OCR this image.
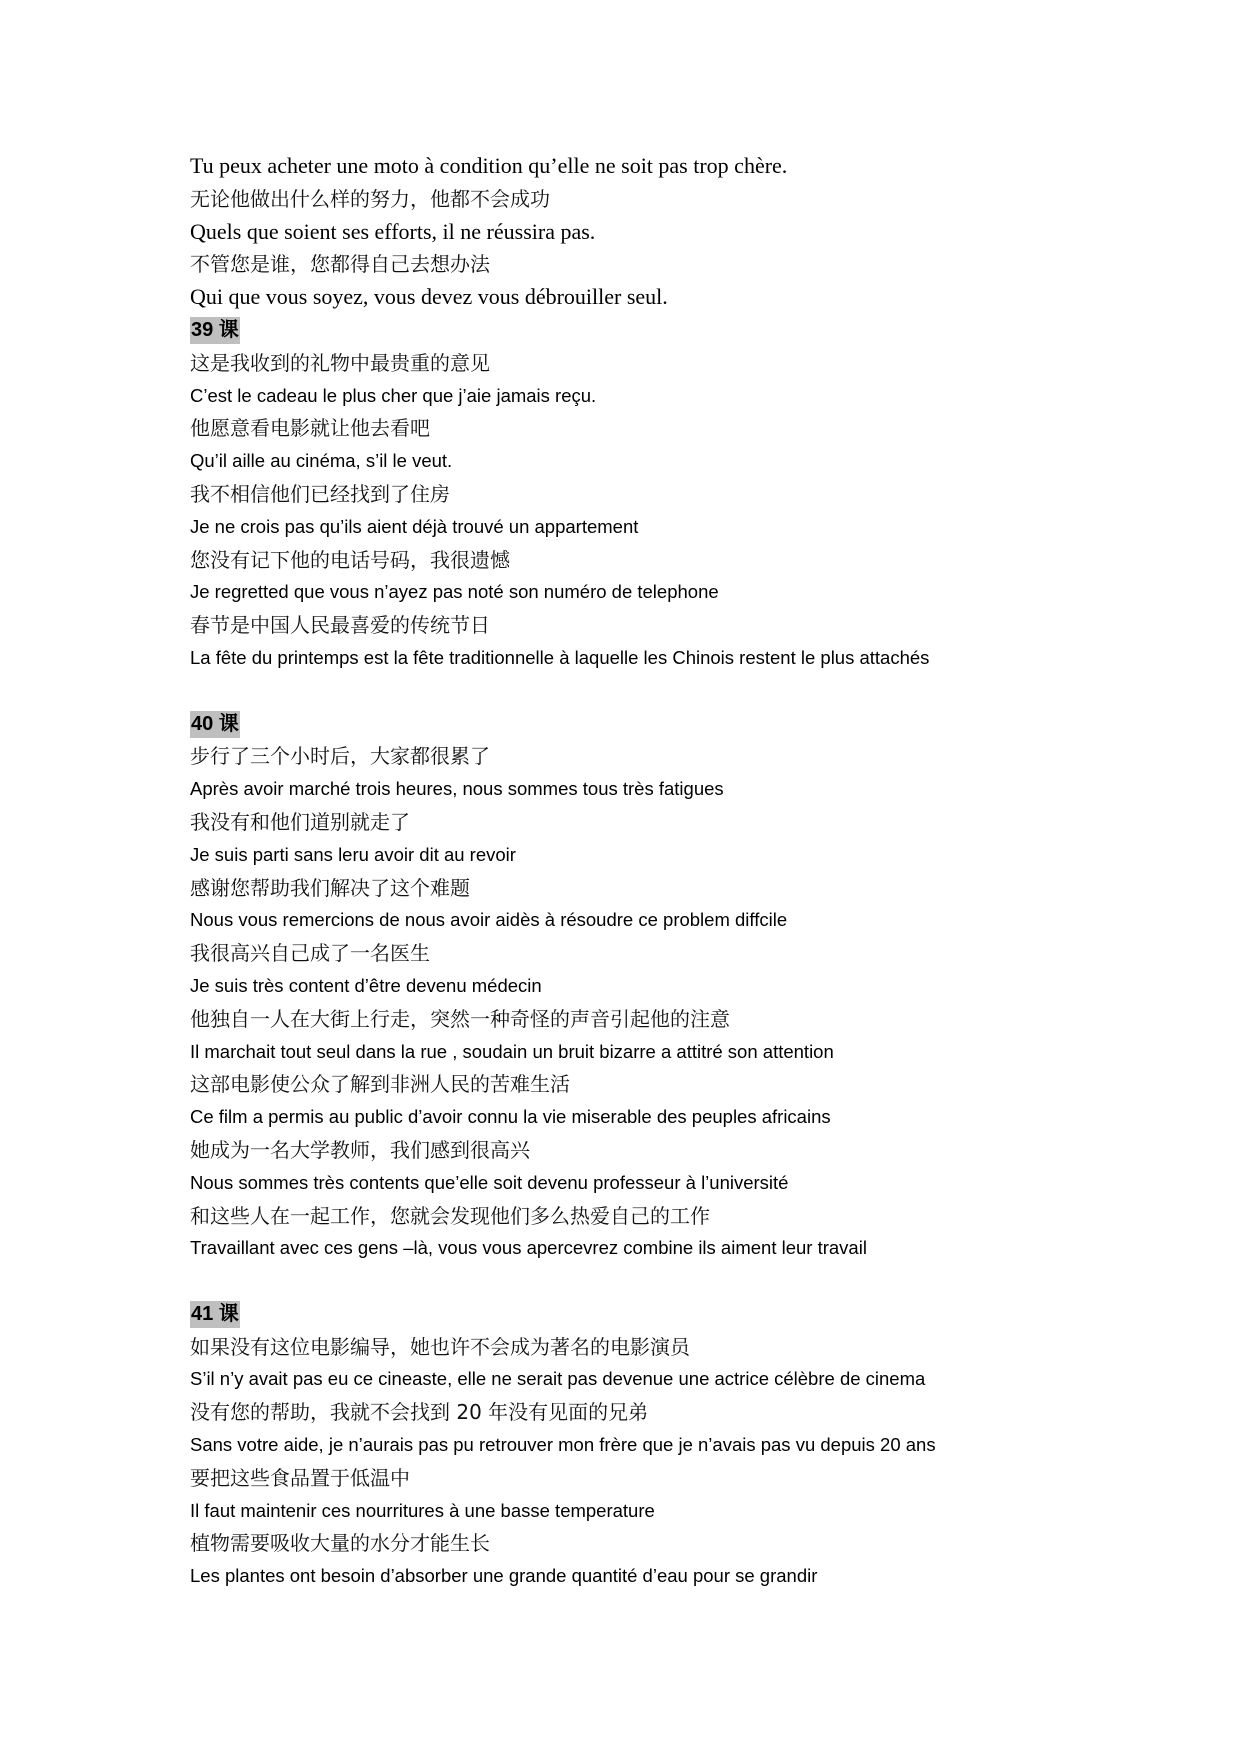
Tu peux acheter une moto à condition qu’elle ne soit pas trop chère.
无论他做出什么样的努力，他都不会成功
Quels que soient ses efforts, il ne réussira pas.
不管您是谁，您都得自己去想办法
Qui que vous soyez, vous devez vous débrouiller seul.
39 课
这是我收到的礼物中最贵重的意见
C’est le cadeau le plus cher que j’aie jamais reçu.
他愿意看电影就让他去看吧
Qu’il aille au cinéma, s’il le veut.
我不相信他们已经找到了住房
Je ne crois pas qu’ils aient déjà trouvé un appartement
您没有记下他的电话号码，我很遗憾
Je regretted que vous n’ayez pas noté son numéro de telephone
春节是中国人民最喜爱的传统节日
La fête du printemps est la fête traditionnelle à laquelle les Chinois restent le plus attachés
40 课
步行了三个小时后，大家都很累了
Après avoir marché trois heures, nous sommes tous très fatigues
我没有和他们道别就走了
Je suis parti sans leru avoir dit au revoir
感谢您帮助我们解决了这个难题
Nous vous remercions de nous avoir aidès à résoudre ce problem diffcile
我很高兴自己成了一名医生
Je suis très content d’être devenu médecin
他独自一人在大街上行走，突然一种奇怪的声音引起他的注意
Il marchait tout seul dans la rue , soudain un bruit bizarre a attitré son attention
这部电影使公众了解到非洲人民的苦难生活
Ce film a permis au public d’avoir connu la vie miserable des peuples africains
她成为一名大学教师，我们感到很高兴
Nous sommes très contents que’elle soit devenu professeur à l’université
和这些人在一起工作，您就会发现他们多么热爱自己的工作
Travaillant avec ces gens –là, vous vous apercevrez combine ils aiment leur travail
41 课
如果没有这位电影编导，她也许不会成为著名的电影演员
S’il n’y avait pas eu ce cineaste, elle ne serait pas devenue une actrice célèbre de cinema
没有您的帮助，我就不会找到 20 年没有见面的兄弟
Sans votre aide, je n’aurais pas pu retrouver mon frère que je n’avais pas vu depuis 20 ans
要把这些食品置于低温中
Il faut maintenir ces nourritures à une basse temperature
植物需要吸收大量的水分才能生长
Les plantes ont besoin d’absorber une grande quantité d’eau pour se grandir
